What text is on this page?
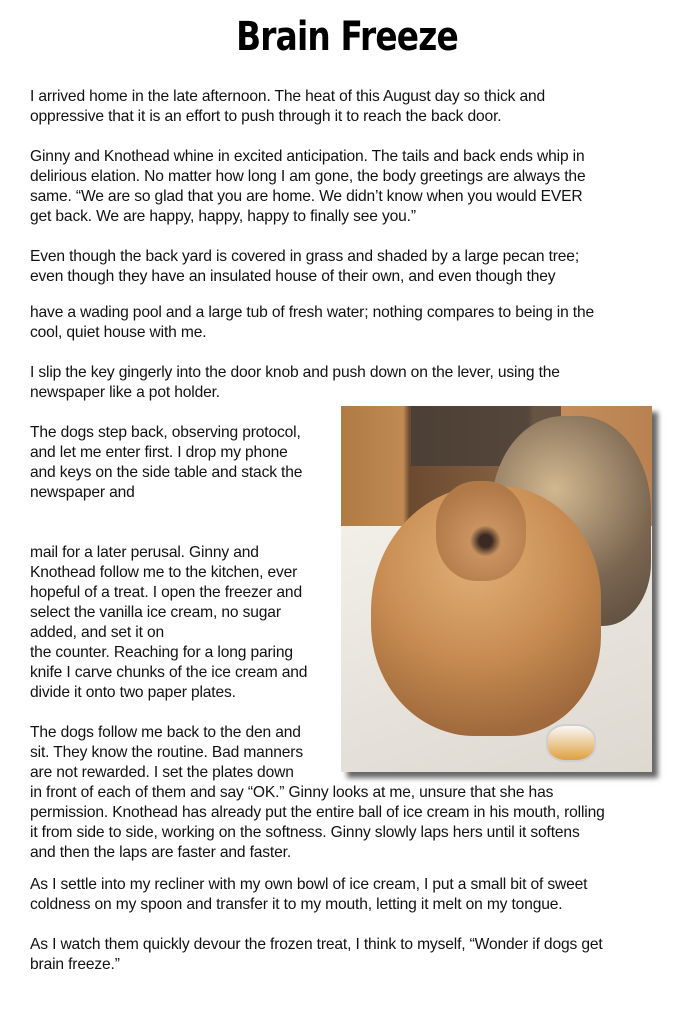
Brain Freeze
I arrived home in the late afternoon. The heat of this August day so thick and
oppressive that it is an effort to push through it to reach the back door.
Ginny and Knothead whine in excited anticipation. The tails and back ends whip in
delirious elation. No matter how long I am gone, the body greetings are always the
same. “We are so glad that you are home. We didn’t know when you would EVER
get back. We are happy, happy, happy to finally see you.”
Even though the back yard is covered in grass and shaded by a large pecan tree;
even though they have an insulated house of their own, and even though they
have a wading pool and a large tub of fresh water; nothing compares to being in the
cool, quiet house with me.
I slip the key gingerly into the door knob and push down on the lever, using the
newspaper like a pot holder.
The dogs step back, observing protocol,
and let me enter first. I drop my phone
and keys on the side table and stack the
newspaper and
mail for a later perusal. Ginny and
Knothead follow me to the kitchen, ever
hopeful of a treat. I open the freezer and
select the vanilla ice cream, no sugar
added, and set it on
the counter. Reaching for a long paring
knife I carve chunks of the ice cream and
divide it onto two paper plates.
The dogs follow me back to the den and
sit. They know the routine. Bad manners
are not rewarded. I set the plates down
in front of each of them and say “OK.” Ginny looks at me, unsure that she has
permission. Knothead has already put the entire ball of ice cream in his mouth, rolling
it from side to side, working on the softness. Ginny slowly laps hers until it softens
and then the laps are faster and faster.
As I settle into my recliner with my own bowl of ice cream, I put a small bit of sweet
coldness on my spoon and transfer it to my mouth, letting it melt on my tongue.
As I watch them quickly devour the frozen treat, I think to myself, “Wonder if dogs get
brain freeze.”
